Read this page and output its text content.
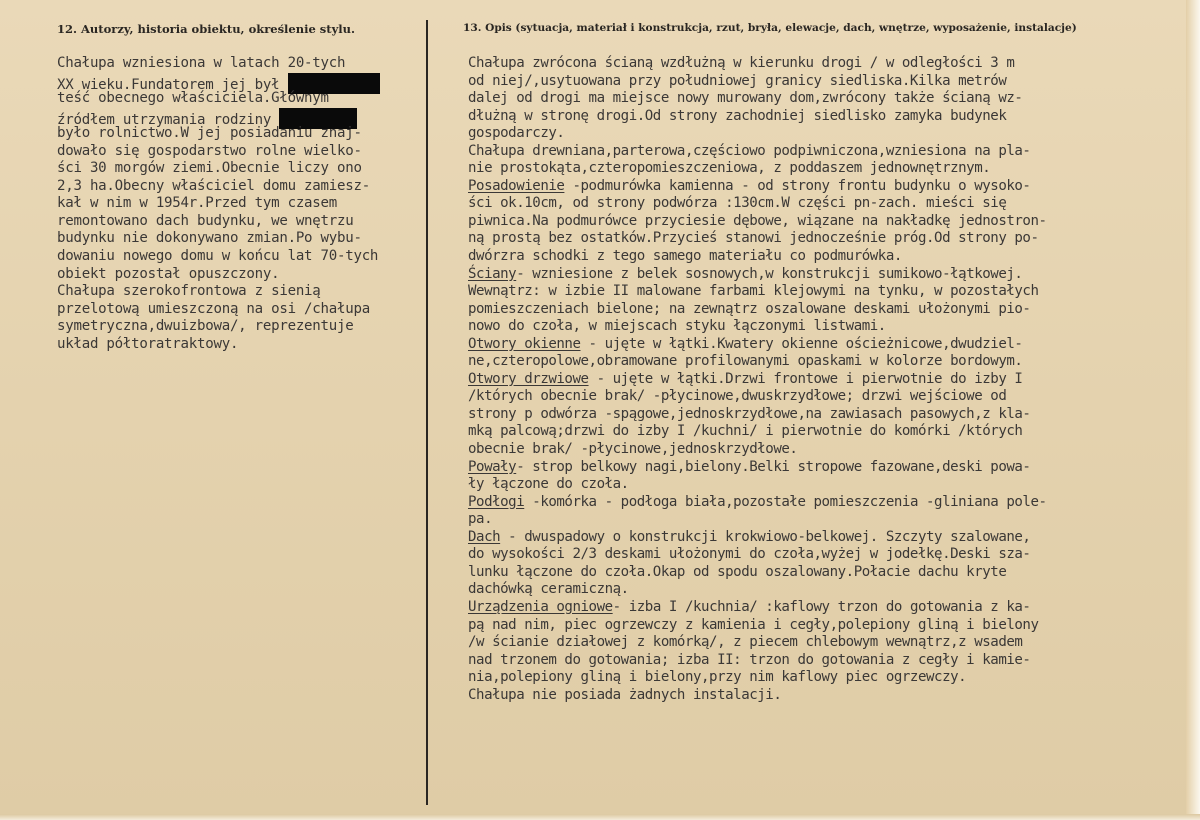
12. Autorzy, historia obiektu, określenie stylu.	13. Opis (sytuacja, materiał i konstrukcja, rzut, bryła, elewacje, dach, wnętrze, wyposażenie, instalacje)
Chałupa wzniesiona w latach 20-tych
XX wieku.Fundatorem jej był
teść obecnego właściciela.Głównym
źródłem utrzymania rodziny
było rolnictwo.W jej posiadaniu znaj-
dowało się gospodarstwo rolne wielko-
ści 30 morgów ziemi.Obecnie liczy ono
2,3 ha.Obecny właściciel domu zamiesz-
kał w nim w 1954r.Przed tym czasem
remontowano dach budynku, we wnętrzu
budynku nie dokonywano zmian.Po wybu-
dowaniu nowego domu w końcu lat 70-tych
obiekt pozostał opuszczony.
Chałupa szerokofrontowa z sienią
przelotową umieszczoną na osi /chałupa
symetryczna,dwuizbowa/, reprezentuje
układ półtoratraktowy.
Chałupa zwrócona ścianą wzdłużną w kierunku drogi / w odległości 3 m
od niej/,usytuowana przy południowej granicy siedliska.Kilka metrów
dalej od drogi ma miejsce nowy murowany dom,zwrócony także ścianą wz-
dłużną w stronę drogi.Od strony zachodniej siedlisko zamyka budynek
gospodarczy.
Chałupa drewniana,parterowa,częściowo podpiwniczona,wzniesiona na pla-
nie prostokąta,czteropomieszczeniowa, z poddaszem jednownętrznym.
Posadowienie -podmurówka kamienna - od strony frontu budynku o wysoko-
ści ok.10cm, od strony podwórza :130cm.W części pn-zach. mieści się
piwnica.Na podmurówce przyciesie dębowe, wiązane na nakładkę jednostron-
ną prostą bez ostatków.Przycieś stanowi jednocześnie próg.Od strony po-
dwórzra schodki z tego samego materiału co podmurówka.
Ściany- wzniesione z belek sosnowych,w konstrukcji sumikowo-łątkowej.
Wewnątrz: w izbie II malowane farbami klejowymi na tynku, w pozostałych
pomieszczeniach bielone; na zewnątrz oszalowane deskami ułożonymi pio-
nowo do czoła, w miejscach styku łączonymi listwami.
Otwory okienne - ujęte w łątki.Kwatery okienne ościeżnicowe,dwudziel-
ne,czteropolowe,obramowane profilowanymi opaskami w kolorze bordowym.
Otwory drzwiowe - ujęte w łątki.Drzwi frontowe i pierwotnie do izby I
/których obecnie brak/ -płycinowe,dwuskrzydłowe; drzwi wejściowe od
strony p odwórza -spągowe,jednoskrzydłowe,na zawiasach pasowych,z kla-
mką palcową;drzwi do izby I /kuchni/ i pierwotnie do komórki /których
obecnie brak/ -płycinowe,jednoskrzydłowe.
Powały- strop belkowy nagi,bielony.Belki stropowe fazowane,deski powa-
ły łączone do czoła.
Podłogi -komórka - podłoga biała,pozostałe pomieszczenia -gliniana pole-
pa.
Dach - dwuspadowy o konstrukcji krokwiowo-belkowej. Szczyty szalowane,
do wysokości 2/3 deskami ułożonymi do czoła,wyżej w jodełkę.Deski sza-
lunku łączone do czoła.Okap od spodu oszalowany.Połacie dachu kryte
dachówką ceramiczną.
Urządzenia ogniowe- izba I /kuchnia/ :kaflowy trzon do gotowania z ka-
pą nad nim, piec ogrzewczy z kamienia i cegły,polepiony gliną i bielony
/w ścianie działowej z komórką/, z piecem chlebowym wewnątrz,z wsadem
nad trzonem do gotowania; izba II: trzon do gotowania z cegły i kamie-
nia,polepiony gliną i bielony,przy nim kaflowy piec ogrzewczy.
Chałupa nie posiada żadnych instalacji.
